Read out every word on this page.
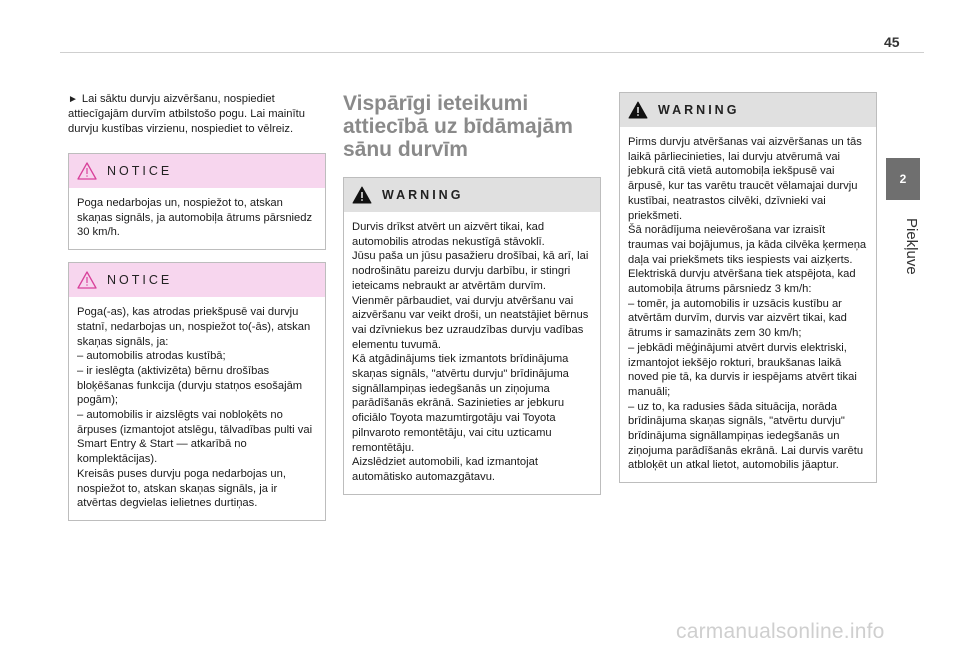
45
2
Piekļuve

► Lai sāktu durvju aizvēršanu, nospiediet attiecīgajām durvīm atbilstošo pogu. Lai mainītu durvju kustības virzienu, nospiediet to vēlreiz.

NOTICE
Poga nedarbojas un, nospiežot to, atskan skaņas signāls, ja automobiļa ātrums pārsniedz 30 km/h.
NOTICE
Poga(-as), kas atrodas priekšpusē vai durvju statnī, nedarbojas un, nospiežot to(-ās), atskan skaņas signāls, ja:
– automobilis atrodas kustībā;
– ir ieslēgta (aktivizēta) bērnu drošības bloķēšanas funkcija (durvju statņos esošajām pogām);
– automobilis ir aizslēgts vai nobloķēts no ārpuses (izmantojot atslēgu, tālvadības pulti vai Smart Entry & Start — atkarībā no komplektācijas).
Kreisās puses durvju poga nedarbojas un, nospiežot to, atskan skaņas signāls, ja ir atvērtas degvielas ielietnes durtiņas.
Vispārīgi ieteikumi
attiecībā uz bīdāmajām
sānu durvīm
WARNING
Durvis drīkst atvērt un aizvērt tikai, kad automobilis atrodas nekustīgā stāvoklī.
Jūsu paša un jūsu pasažieru drošībai, kā arī, lai nodrošinātu pareizu durvju darbību, ir stingri ieteicams nebraukt ar atvērtām durvīm.
Vienmēr pārbaudiet, vai durvju atvēršanu vai aizvēršanu var veikt droši, un neatstājiet bērnus vai dzīvniekus bez uzraudzības durvju vadības elementu tuvumā.
Kā atgādinājums tiek izmantots brīdinājuma skaņas signāls, "atvērtu durvju" brīdinājuma signāllampiņas iedegšanās un ziņojuma parādīšanās ekrānā. Sazinieties ar jebkuru oficiālo Toyota mazumtirgotāju vai Toyota pilnvaroto remontētāju, vai citu uzticamu remontētāju.
Aizslēdziet automobili, kad izmantojat automātisko automazgātavu.
WARNING
Pirms durvju atvēršanas vai aizvēršanas un tās laikā pārliecinieties, lai durvju atvērumā vai jebkurā citā vietā automobiļa iekšpusē vai ārpusē, kur tas varētu traucēt vēlamajai durvju kustībai, neatrastos cilvēki, dzīvnieki vai priekšmeti.
Šā norādījuma neievērošana var izraisīt traumas vai bojājumus, ja kāda cilvēka ķermeņa daļa vai priekšmets tiks iespiests vai aizķerts.
Elektriskā durvju atvēršana tiek atspējota, kad automobiļa ātrums pārsniedz 3 km/h:
– tomēr, ja automobilis ir uzsācis kustību ar atvērtām durvīm, durvis var aizvērt tikai, kad ātrums ir samazināts zem 30 km/h;
– jebkādi mēģinājumi atvērt durvis elektriski, izmantojot iekšējo rokturi, braukšanas laikā noved pie tā, ka durvis ir iespējams atvērt tikai manuāli;
– uz to, ka radusies šāda situācija, norāda brīdinājuma skaņas signāls, "atvērtu durvju" brīdinājuma signāllampiņas iedegšanās un ziņojuma parādīšanās ekrānā. Lai durvis varētu atbloķēt un atkal lietot, automobilis jāaptur.
carmanualsonline.info
